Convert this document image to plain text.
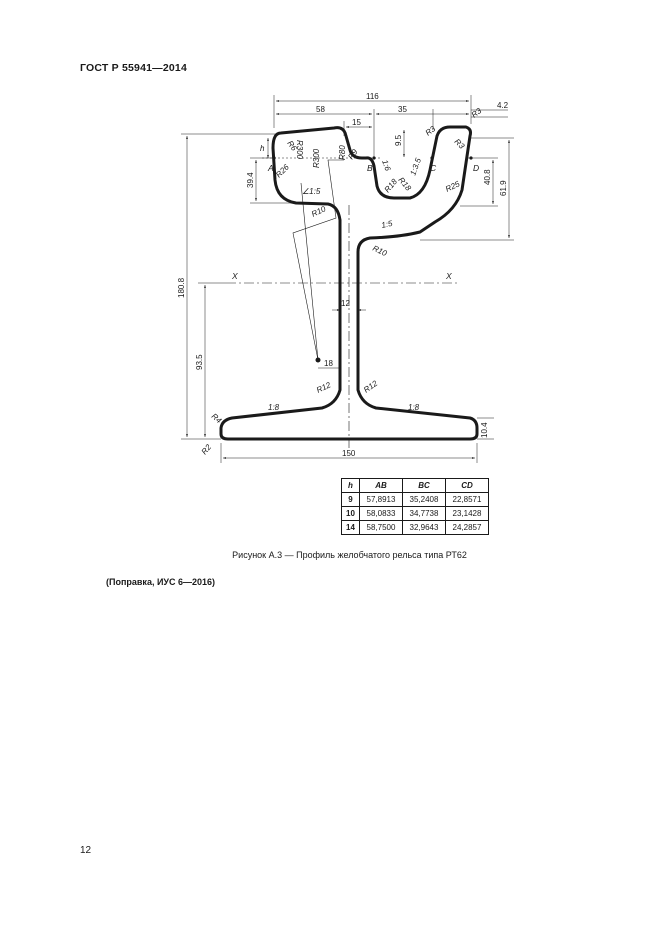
ГОСТ Р 55941—2014
X	X
116
58	35
15
4.2
h
9.5
39.4	40.8
61.9
180.8
93.5
12
18
150
10.4
R3
R3
R3
R6
R26
R300 R300 R80 R9
R18
R18	R25
R10
R10
R12	R12
R4
R2
∠1:5
1:5
1:6 1:3.5
1:8	1:8
A	B	C	D
h	AB	BC	CD
9	57,8913	35,2408	22,8571
10	58,0833	34,7738	23,1428
14	58,7500	32,9643	24,2857
Рисунок А.3 — Профиль желобчатого рельса типа РТ62
(Поправка, ИУС 6—2016)
12
